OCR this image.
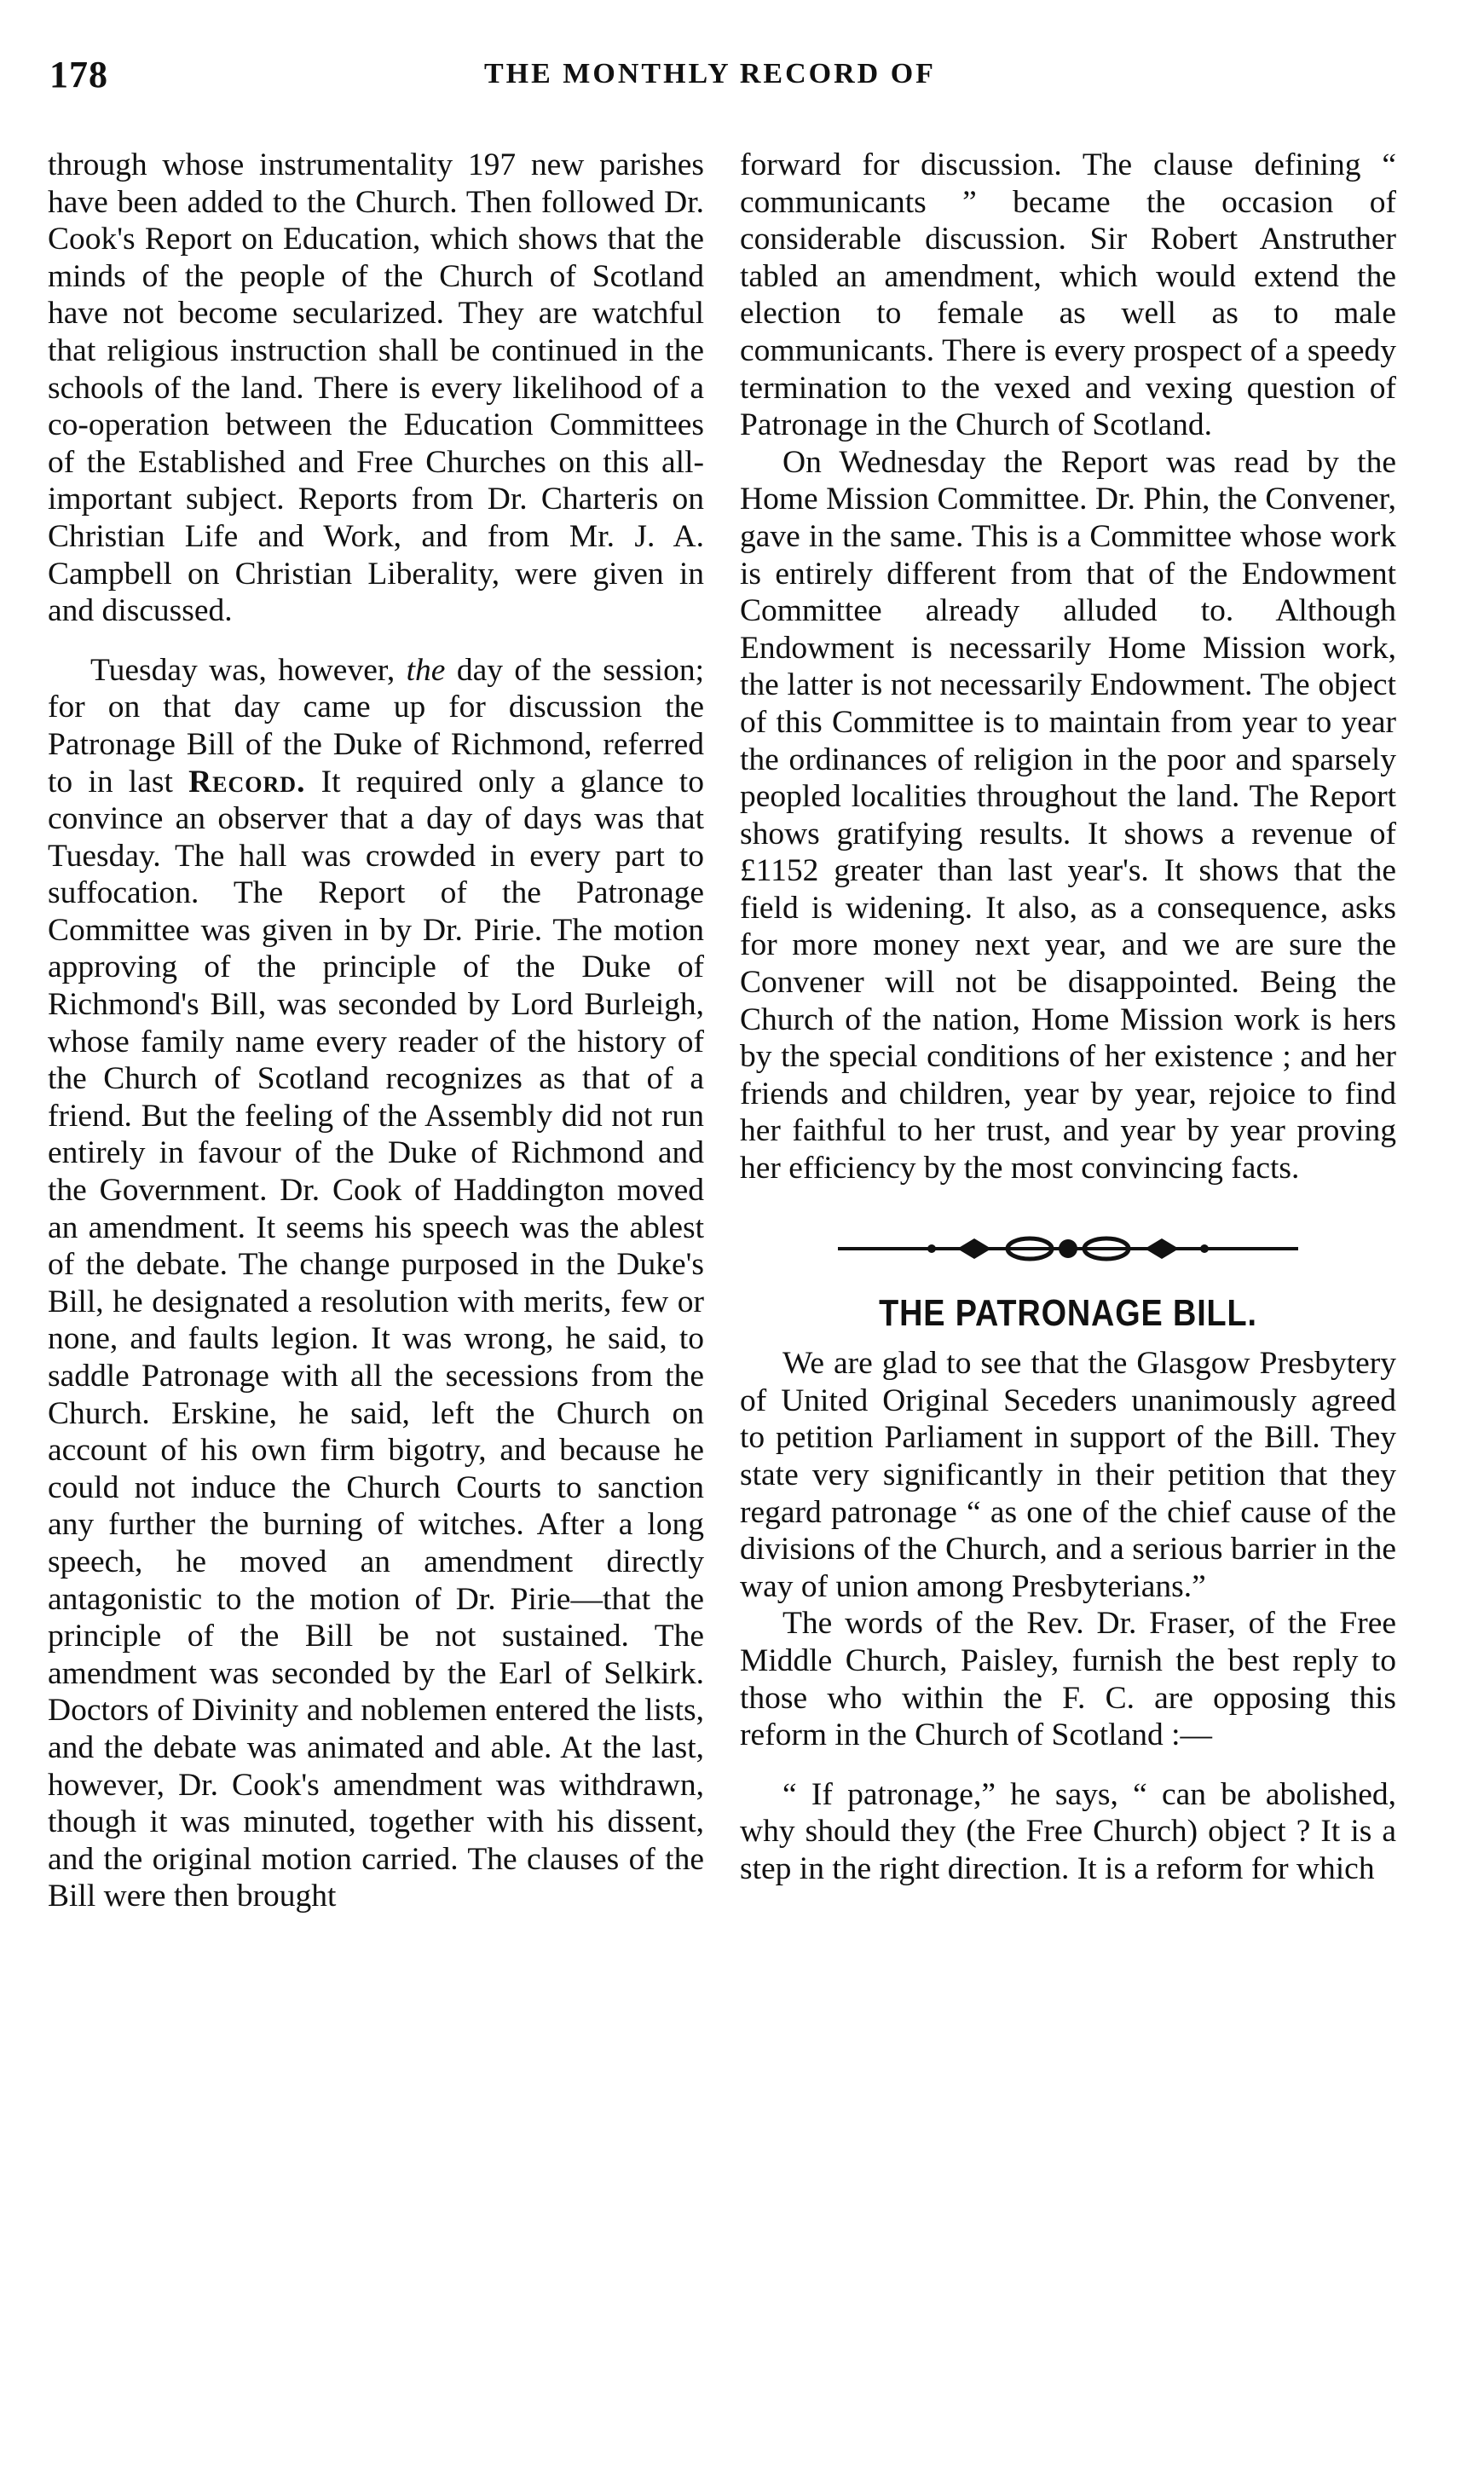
178	THE MONTHLY RECORD OF

through whose instrumentality 197 new parishes have been added to the Church. Then followed Dr. Cook's Report on Education, which shows that the minds of the people of the Church of Scotland have not become secularized. They are watchful that religious instruction shall be continued in the schools of the land. There is every likelihood of a co-operation between the Education Committees of the Established and Free Churches on this all-important subject. Reports from Dr. Charteris on Christian Life and Work, and from Mr. J. A. Campbell on Christian Liberality, were given in and discussed.

Tuesday was, however, the day of the session; for on that day came up for discussion the Patronage Bill of the Duke of Richmond, referred to in last Record. It required only a glance to convince an observer that a day of days was that Tuesday. The hall was crowded in every part to suffocation. The Report of the Patronage Committee was given in by Dr. Pirie. The motion approving of the principle of the Duke of Richmond's Bill, was seconded by Lord Burleigh, whose family name every reader of the history of the Church of Scotland recognizes as that of a friend. But the feeling of the Assembly did not run entirely in favour of the Duke of Richmond and the Government. Dr. Cook of Haddington moved an amendment. It seems his speech was the ablest of the debate. The change purposed in the Duke's Bill, he designated a resolution with merits, few or none, and faults legion. It was wrong, he said, to saddle Patronage with all the secessions from the Church. Erskine, he said, left the Church on account of his own firm bigotry, and because he could not induce the Church Courts to sanction any further the burning of witches. After a long speech, he moved an amendment directly antagonistic to the motion of Dr. Pirie—that the principle of the Bill be not sustained. The amendment was seconded by the Earl of Selkirk. Doctors of Divinity and noblemen entered the lists, and the debate was animated and able. At the last, however, Dr. Cook's amendment was withdrawn, though it was minuted, together with his dissent, and the original motion carried. The clauses of the Bill were then brought

forward for discussion. The clause defining “ communicants ” became the occasion of considerable discussion. Sir Robert Anstruther tabled an amendment, which would extend the election to female as well as to male communicants. There is every prospect of a speedy termination to the vexed and vexing question of Patronage in the Church of Scotland.

On Wednesday the Report was read by the Home Mission Committee. Dr. Phin, the Convener, gave in the same. This is a Committee whose work is entirely different from that of the Endowment Committee already alluded to. Although Endowment is necessarily Home Mission work, the latter is not necessarily Endowment. The object of this Committee is to maintain from year to year the ordinances of religion in the poor and sparsely peopled localities throughout the land. The Report shows gratifying results. It shows a revenue of £1152 greater than last year's. It shows that the field is widening. It also, as a consequence, asks for more money next year, and we are sure the Convener will not be disappointed. Being the Church of the nation, Home Mission work is hers by the special conditions of her existence ; and her friends and children, year by year, rejoice to find her faithful to her trust, and year by year proving her efficiency by the most convincing facts.

THE PATRONAGE BILL.

We are glad to see that the Glasgow Presbytery of United Original Seceders unanimously agreed to petition Parliament in support of the Bill. They state very significantly in their petition that they regard patronage “ as one of the chief cause of the divisions of the Church, and a serious barrier in the way of union among Presbyterians.”

The words of the Rev. Dr. Fraser, of the Free Middle Church, Paisley, furnish the best reply to those who within the F. C. are opposing this reform in the Church of Scotland :—

“ If patronage,” he says, “ can be abolished, why should they (the Free Church) object ? It is a step in the right direction. It is a reform for which
